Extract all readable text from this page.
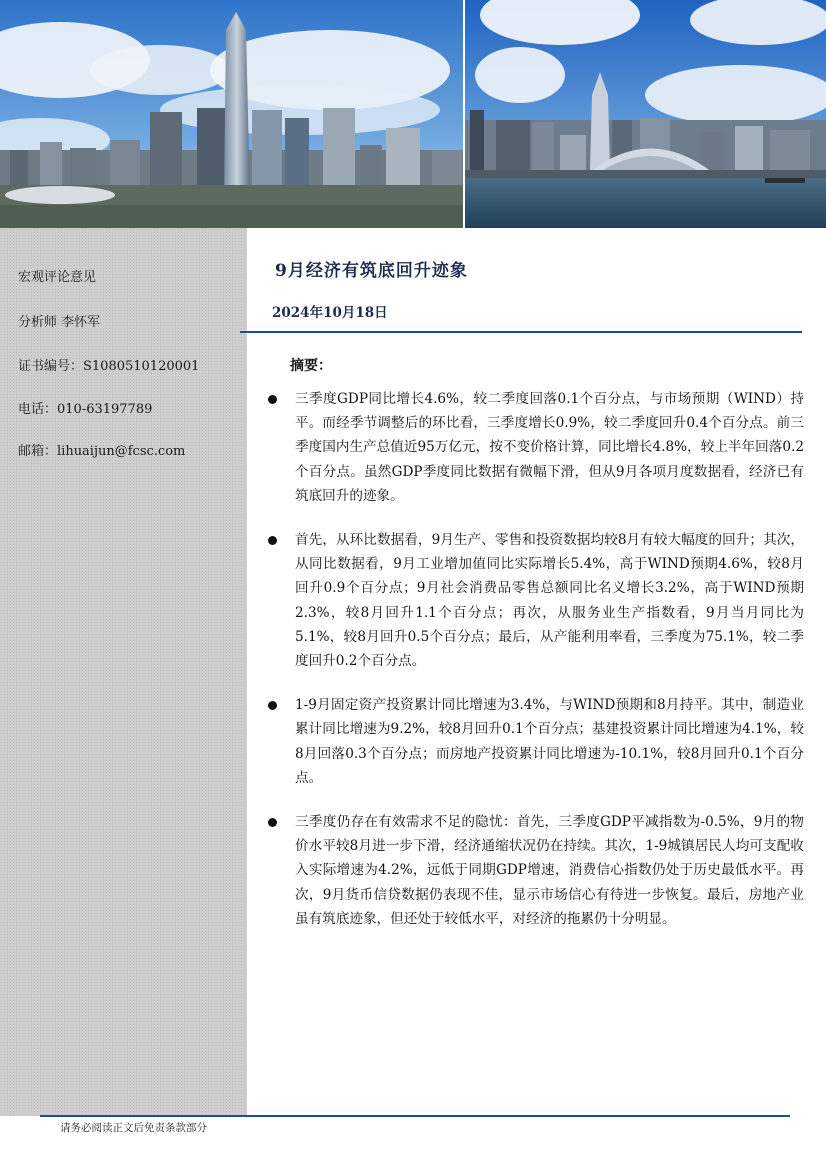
宏观评论意见
分析师 李怀军
证书编号：S1080510120001
电话：010-63197789
邮箱：lihuaijun@fcsc.com
9月经济有筑底回升迹象
2024年10月18日
摘要：
三季度GDP同比增长4.6%，较二季度回落0.1个百分点，与市场预期（WIND）持平。而经季节调整后的环比看，三季度增长0.9%，较二季度回升0.4个百分点。前三季度国内生产总值近95万亿元，按不变价格计算，同比增长4.8%，较上半年回落0.2个百分点。虽然GDP季度同比数据有微幅下滑，但从9月各项月度数据看，经济已有筑底回升的迹象。
首先，从环比数据看，9月生产、零售和投资数据均较8月有较大幅度的回升；其次，从同比数据看，9月工业增加值同比实际增长5.4%，高于WIND预期4.6%，较8月回升0.9个百分点；9月社会消费品零售总额同比名义增长3.2%，高于WIND预期2.3%，较8月回升1.1个百分点；再次，从服务业生产指数看，9月当月同比为5.1%，较8月回升0.5个百分点；最后，从产能利用率看，三季度为75.1%，较二季度回升0.2个百分点。
1-9月固定资产投资累计同比增速为3.4%，与WIND预期和8月持平。其中，制造业累计同比增速为9.2%，较8月回升0.1个百分点；基建投资累计同比增速为4.1%，较8月回落0.3个百分点；而房地产投资累计同比增速为-10.1%，较8月回升0.1个百分点。
三季度仍存在有效需求不足的隐忧：首先，三季度GDP平减指数为-0.5%，9月的物价水平较8月进一步下滑，经济通缩状况仍在持续。其次，1-9城镇居民人均可支配收入实际增速为4.2%，远低于同期GDP增速，消费信心指数仍处于历史最低水平。再次，9月货币信贷数据仍表现不佳，显示市场信心有待进一步恢复。最后，房地产业虽有筑底迹象，但还处于较低水平，对经济的拖累仍十分明显。
请务必阅读正文后免责条款部分
